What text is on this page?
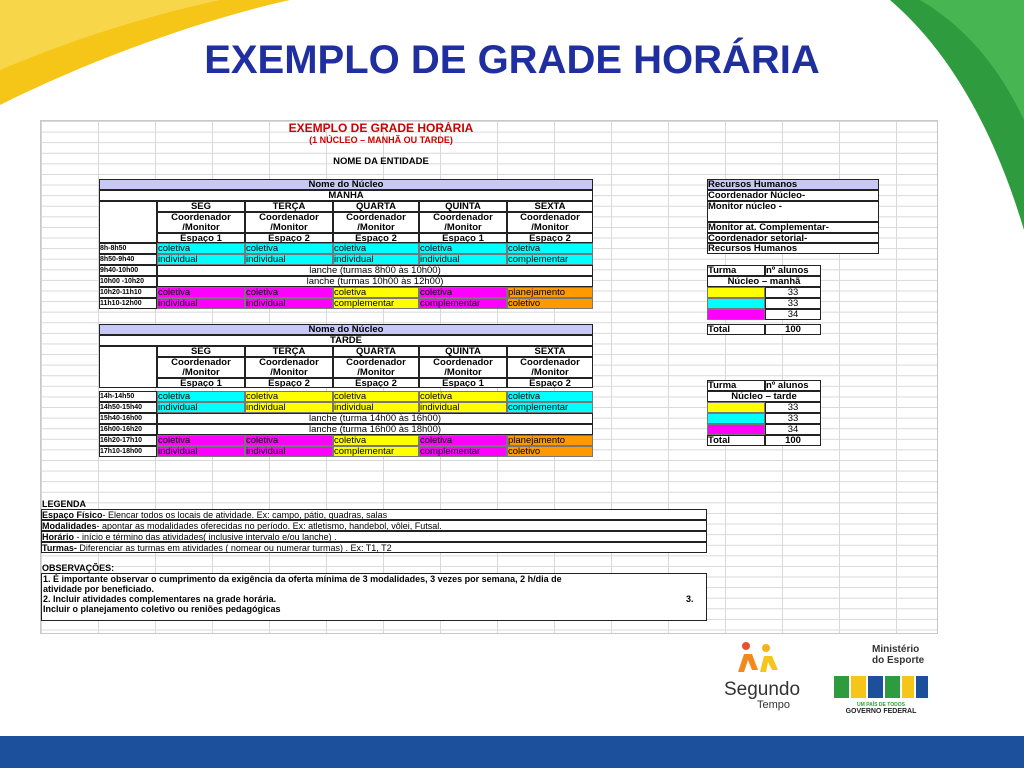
EXEMPLO DE GRADE HORÁRIA
EXEMPLO DE GRADE HORÁRIA
(1 NÚCLEO – MANHÃ OU TARDE)
NOME DA ENTIDADE
Nome do Núcleo
MANHÃ
SEG	TERÇA	QUARTA	QUINTA	SEXTA
Coordenador
/Monitor
Coordenador
/Monitor
Coordenador
/Monitor
Coordenador
/Monitor
Coordenador
/Monitor
Espaço 1	Espaço 2	Espaço 2	Espaço 1	Espaço 2
8h-8h50	coletiva	coletiva	coletiva	coletiva	coletiva
8h50-9h40	individual	individual	individual	individual	complementar
9h40-10h00	lanche (turmas 8h00 às 10h00)
10h00 -10h20	lanche (turmas 10h00 às 12h00)
10h20-11h10	coletiva	coletiva	coletiva	coletiva	planejamento
11h10-12h00	individual	individual	complementar	complementar	coletivo
Nome do Núcleo
TARDE
SEG	TERÇA	QUARTA	QUINTA	SEXTA
Coordenador
/Monitor
Coordenador
/Monitor
Coordenador
/Monitor
Coordenador
/Monitor
Coordenador
/Monitor
Espaço 1	Espaço 2	Espaço 2	Espaço 1	Espaço 2
14h-14h50	coletiva	coletiva	coletiva	coletiva	coletiva
14h50-15h40	individual	individual	individual	individual	complementar
15h40-16h00	lanche (turma 14h00 às 16h00)
16h00-16h20	lanche (turma 16h00 às 18h00)
16h20-17h10	coletiva	coletiva	coletiva	coletiva	planejamento
17h10-18h00	individual	individual	complementar	complementar	coletivo
Recursos Humanos
Coordenador Núcleo-
Monitor núcleo -
Monitor at. Complementar-
Coordenador setorial-
Recursos Humanos
Turma	nº alunos
Núcleo – manhã
33
33
34
Total	100
Turma	nº alunos
Núcleo – tarde
33
33
34
Total	100
LEGENDA
Espaço Físico- Elencar todos os locais de atividade. Ex: campo, pátio, quadras, salas
Modalidades- apontar as modalidades oferecidas no período. Ex: atletismo, handebol, vôlei, Futsal.
Horário - início e término das atividades( inclusive intervalo e/ou lanche) .
Turmas- Diferenciar as turmas em atividades ( nomear ou numerar turmas) . Ex: T1, T2
OBSERVAÇÕES:
1. É importante observar o cumprimento da exigência da oferta mínima de 3 modalidades, 3 vezes por semana, 2 h/dia de
atividade por beneficiado.
2. Incluir atividades complementares na grade horária.	3.
Incluir o planejamento coletivo ou reniões pedagógicas
Segundo
Tempo
Ministério
do Esporte
UM PAÍS DE TODOS
GOVERNO FEDERAL
